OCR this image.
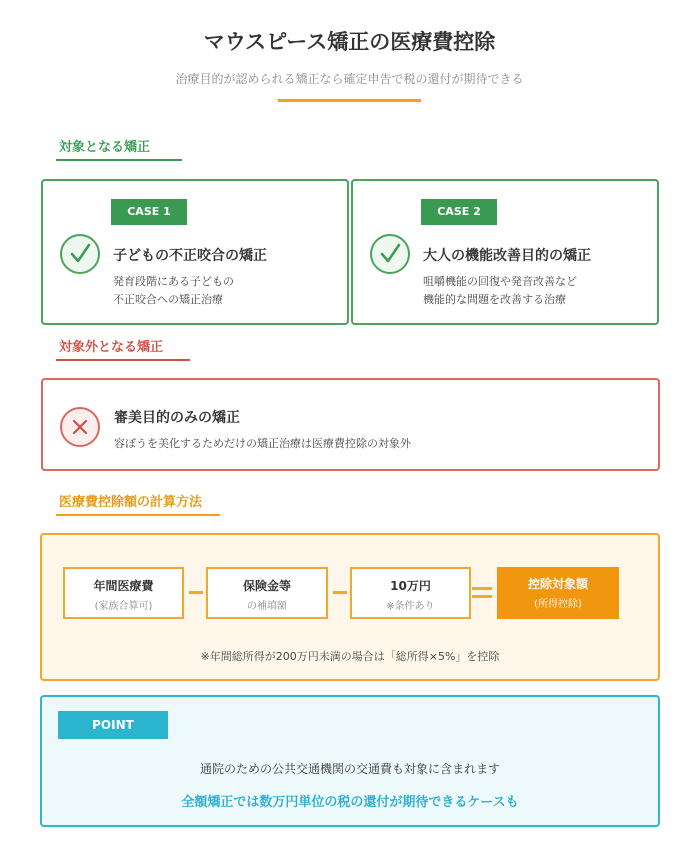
マウスピース矯正の医療費控除
治療目的が認められる矯正なら確定申告で税の還付が期待できる
対象となる矯正
CASE 1
子どもの不正咬合の矯正
発育段階にある子どもの
不正咬合への矯正治療
CASE 2
大人の機能改善目的の矯正
咀嚼機能の回復や発音改善など
機能的な問題を改善する治療
対象外となる矯正
審美目的のみの矯正
容ぼうを美化するためだけの矯正治療は医療費控除の対象外
医療費控除額の計算方法
年間医療費
(家族合算可)
保険金等
の補填額
10万円
※条件あり
控除対象額
(所得控除)
※年間総所得が200万円未満の場合は「総所得×5%」を控除
POINT
通院のための公共交通機関の交通費も対象に含まれます
全額矯正では数万円単位の税の還付が期待できるケースも
